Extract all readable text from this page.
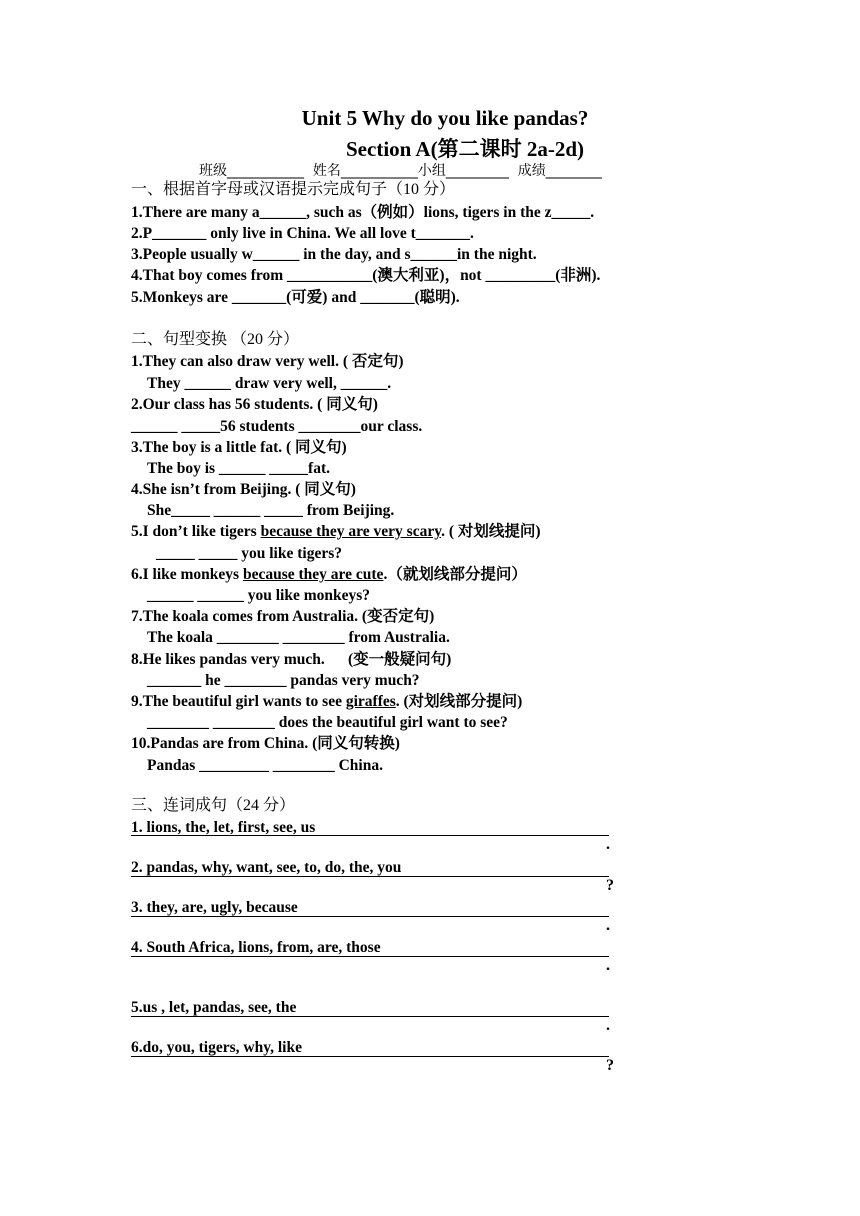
Unit 5 Why do you like pandas?
Section A(第二课时 2a-2d)
班级___________  姓名___________小组_________  成绩________
一、根据首字母或汉语提示完成句子（10 分）
1.There are many a______, such as（例如）lions, tigers in the z_____.
2.P_______ only live in China. We all love t_______.
3.People usually w______ in the day, and s______in the night.
4.That boy comes from ___________(澳大利亚)，not _________(非洲).
5.Monkeys are _______(可爱) and _______(聪明).
二、句型变换 （20 分）
1.They can also draw very well. ( 否定句)
They ______ draw very well, ______.
2.Our class has 56 students. ( 同义句)
______ _____56 students ________our class.
3.The boy is a little fat. ( 同义句)
The boy is ______ _____fat.
4.She isn’t from Beijing. ( 同义句)
She_____ ______ _____ from Beijing.
5.I don’t like tigers because they are very scary. ( 对划线提问)
_____ _____ you like tigers?
6.I like monkeys because they are cute.（就划线部分提问）
______ ______ you like monkeys?
7.The koala comes from Australia. (变否定句)
The koala ________ ________ from Australia.
8.He likes pandas very much.      (变一般疑问句)
_______ he ________ pandas very much?
9.The beautiful girl wants to see giraffes. (对划线部分提问)
________ ________ does the beautiful girl want to see?
10.Pandas are from China. (同义句转换)
Pandas _________ ________ China.
三、连词成句（24 分）
1. lions, the, let, first, see, us
.
2. pandas, why, want, see, to, do, the, you
?
3. they, are, ugly, because
.
4. South Africa, lions, from, are, those
.
5.us , let, pandas, see, the
.
6.do, you, tigers, why, like
?
